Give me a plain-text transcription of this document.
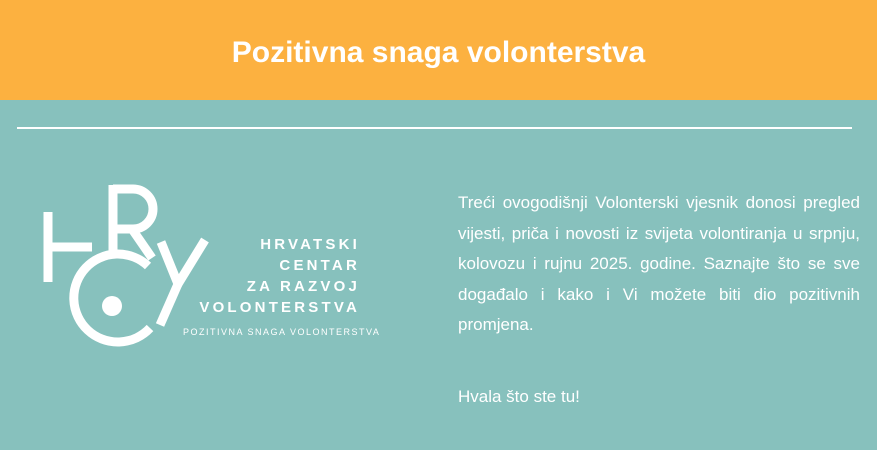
Pozitivna snaga volonterstva
HRVATSKI
CENTAR
ZA RAZVOJ
VOLONTERSTVA
POZITIVNA SNAGA VOLONTERSTVA

Treći ovogodišnji Volonterski vjesnik donosi pregled vijesti, priča i novosti iz svijeta volontiranja u srpnju, kolovozu i rujnu 2025. godine. Saznajte što se sve događalo i kako i Vi možete biti dio pozitivnih promjena.

Hvala što ste tu!
